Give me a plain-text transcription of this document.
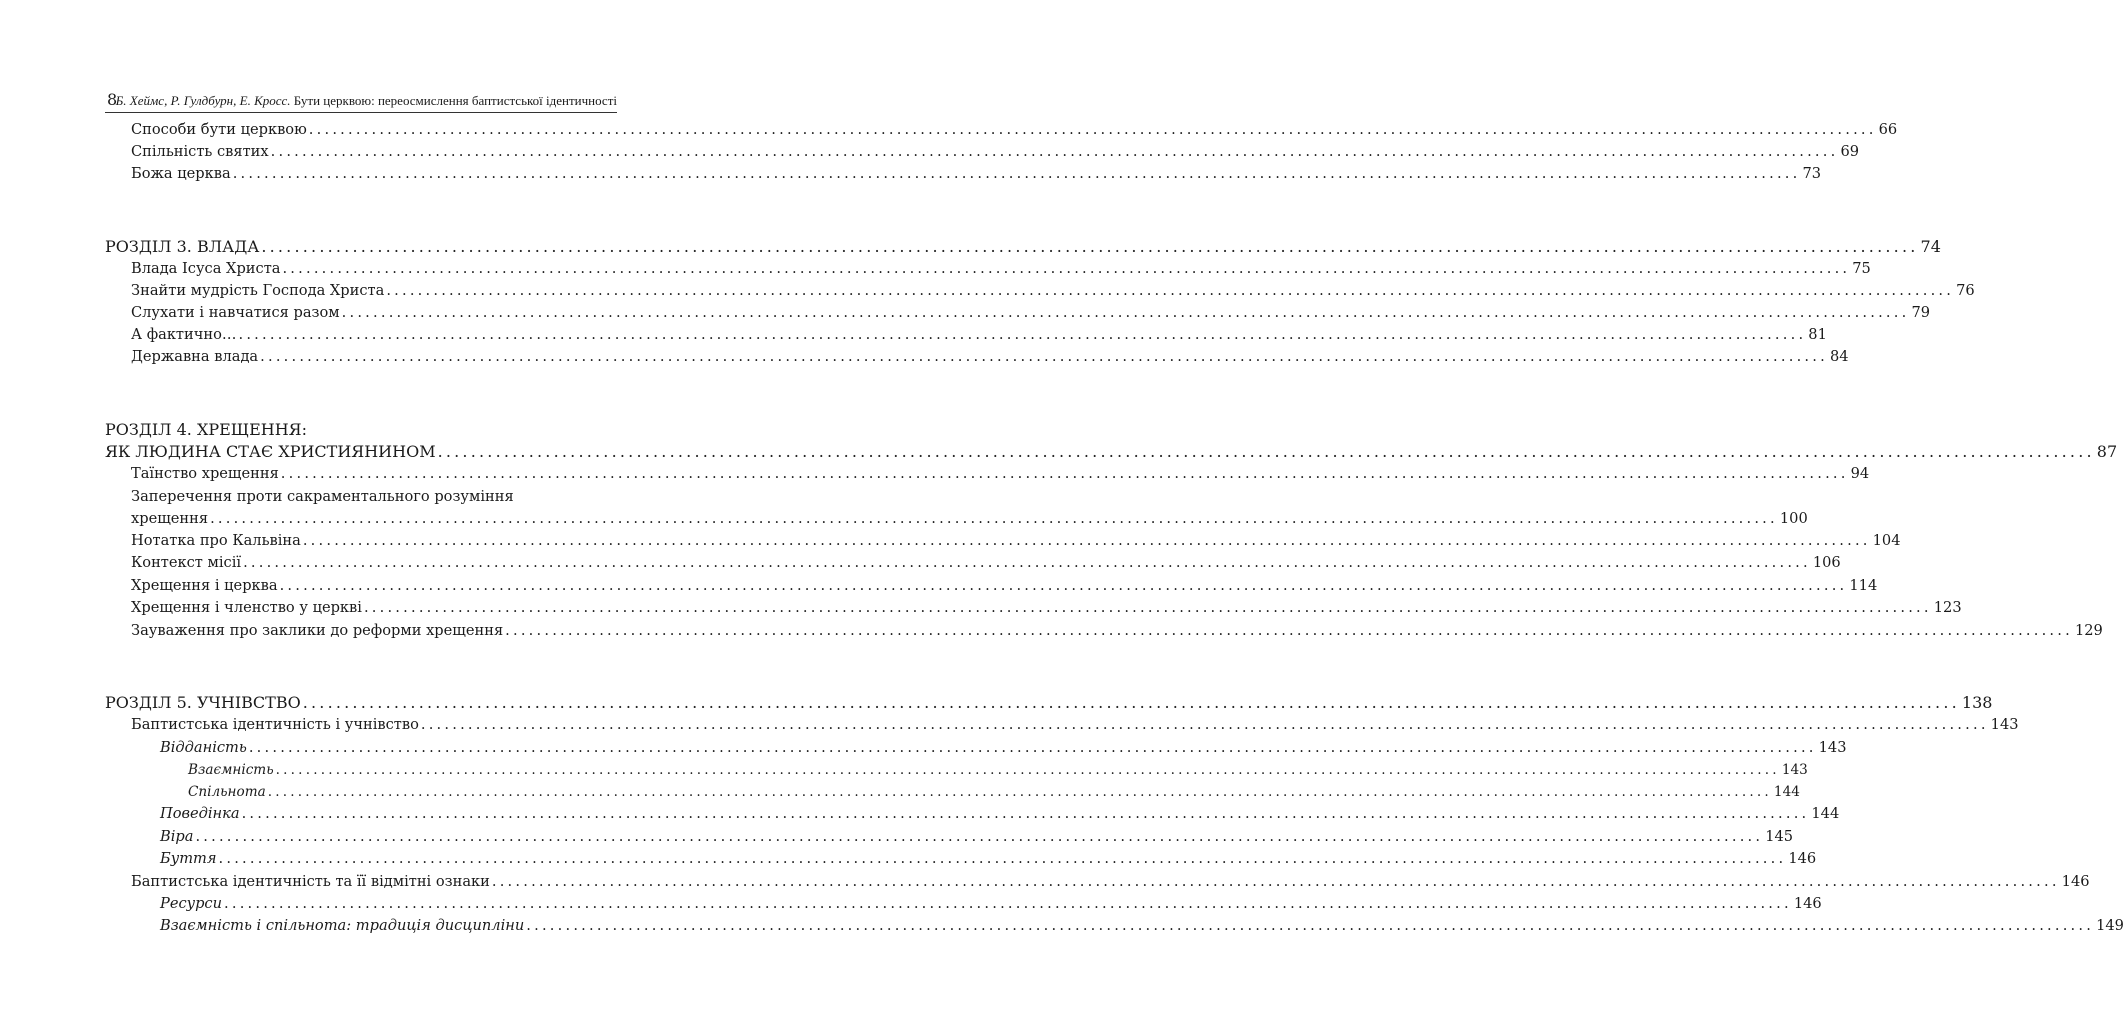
8
Б. Хеймс, Р. Гулдбурн, Е. Кросс. Бути церквою: переосмислення баптистської ідентичності
Способи бути церквою ........................................................................................................................................................................................................ 66
Спільність святих ........................................................................................................................................................................................................ 69
Божа церква ........................................................................................................................................................................................................ 73
РОЗДІЛ 3. ВЛАДА ........................................................................................................................................................................................................ 74
Влада Ісуса Христа ........................................................................................................................................................................................................ 75
Знайти мудрість Господа Христа ........................................................................................................................................................................................................ 76
Слухати і навчатися разом ........................................................................................................................................................................................................ 79
А фактично… ........................................................................................................................................................................................................ 81
Державна влада ........................................................................................................................................................................................................ 84
РОЗДІЛ 4. ХРЕЩЕННЯ:
ЯК ЛЮДИНА СТАЄ ХРИСТИЯНИНОМ ........................................................................................................................................................................................................ 87
Таїнство хрещення ........................................................................................................................................................................................................ 94
Заперечення проти сакраментального розуміння
хрещення ........................................................................................................................................................................................................ 100
Нотатка про Кальвіна ........................................................................................................................................................................................................ 104
Контекст місії ........................................................................................................................................................................................................ 106
Хрещення і церква ........................................................................................................................................................................................................ 114
Хрещення і членство у церкві ........................................................................................................................................................................................................ 123
Зауваження про заклики до реформи хрещення ........................................................................................................................................................................................................ 129
РОЗДІЛ 5. УЧНІВСТВО ........................................................................................................................................................................................................ 138
Баптистська ідентичність і учнівство ........................................................................................................................................................................................................ 143
Відданість ........................................................................................................................................................................................................ 143
Взаємність ........................................................................................................................................................................................................ 143
Спільнота ........................................................................................................................................................................................................ 144
Поведінка ........................................................................................................................................................................................................ 144
Віра ........................................................................................................................................................................................................ 145
Буття ........................................................................................................................................................................................................ 146
Баптистська ідентичність та її відмітні ознаки ........................................................................................................................................................................................................ 146
Ресурси ........................................................................................................................................................................................................ 146
Взаємність і спільнота: традиція дисципліни ........................................................................................................................................................................................................ 149
